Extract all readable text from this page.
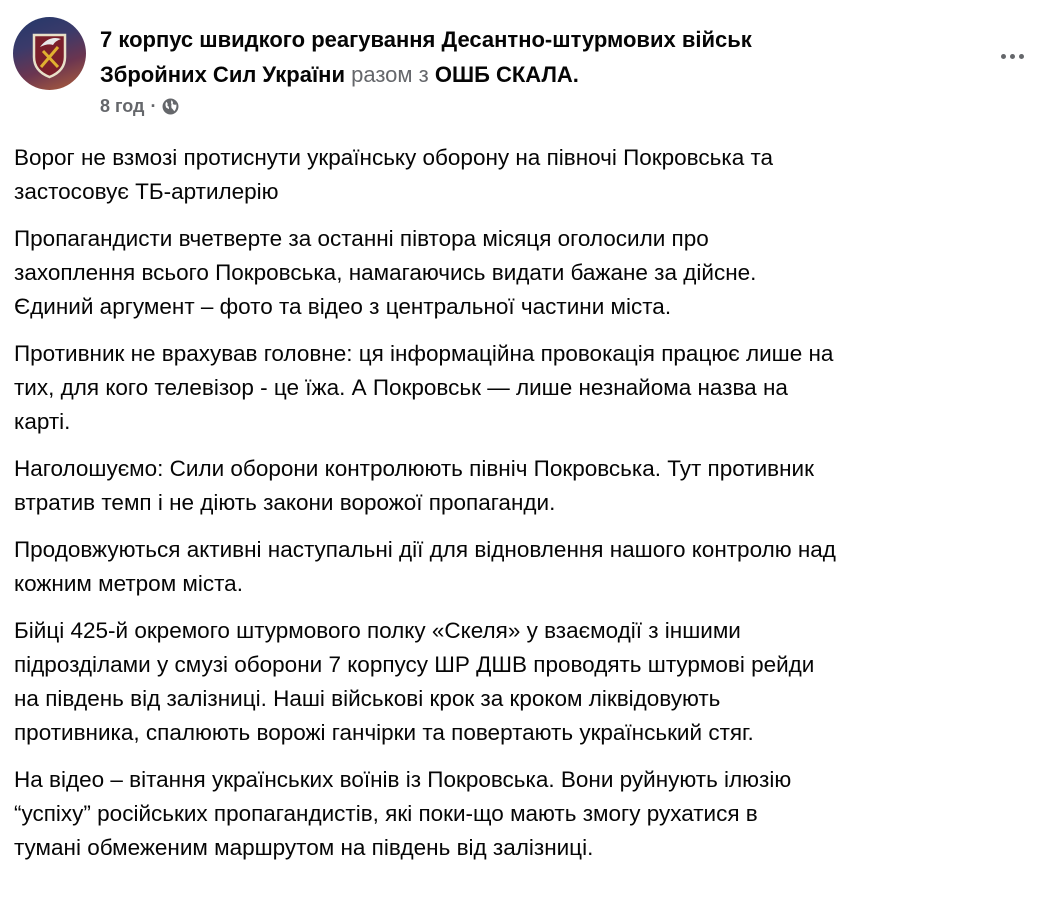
7 корпус швидкого реагування Десантно-штурмових військ
Збройних Сил України разом з ОШБ СКАЛА.
8 год ·
Ворог не взмозі протиснути українську оборону на півночі Покровська та
застосовує ТБ-артилерію
Пропагандисти вчетверте за останні півтора місяця оголосили про
захоплення всього Покровська, намагаючись видати бажане за дійсне.
Єдиний аргумент – фото та відео з центральної частини міста.
Противник не врахував головне: ця інформаційна провокація працює лише на
тих, для кого телевізор - це їжа. А Покровськ — лише незнайома назва на
карті.
Наголошуємо: Сили оборони контролюють північ Покровська. Тут противник
втратив темп і не діють закони ворожої пропаганди.
Продовжуються активні наступальні дії для відновлення нашого контролю над
кожним метром міста.
Бійці 425-й окремого штурмового полку «Скеля» у взаємодії з іншими
підрозділами у смузі оборони 7 корпусу ШР ДШВ проводять штурмові рейди
на південь від залізниці. Наші військові крок за кроком ліквідовують
противника, спалюють ворожі ганчірки та повертають український стяг.
На відео – вітання українських воїнів із Покровська. Вони руйнують ілюзію
“успіху” російських пропагандистів, які поки-що мають змогу рухатися в
тумані обмеженим маршрутом на південь від залізниці.
